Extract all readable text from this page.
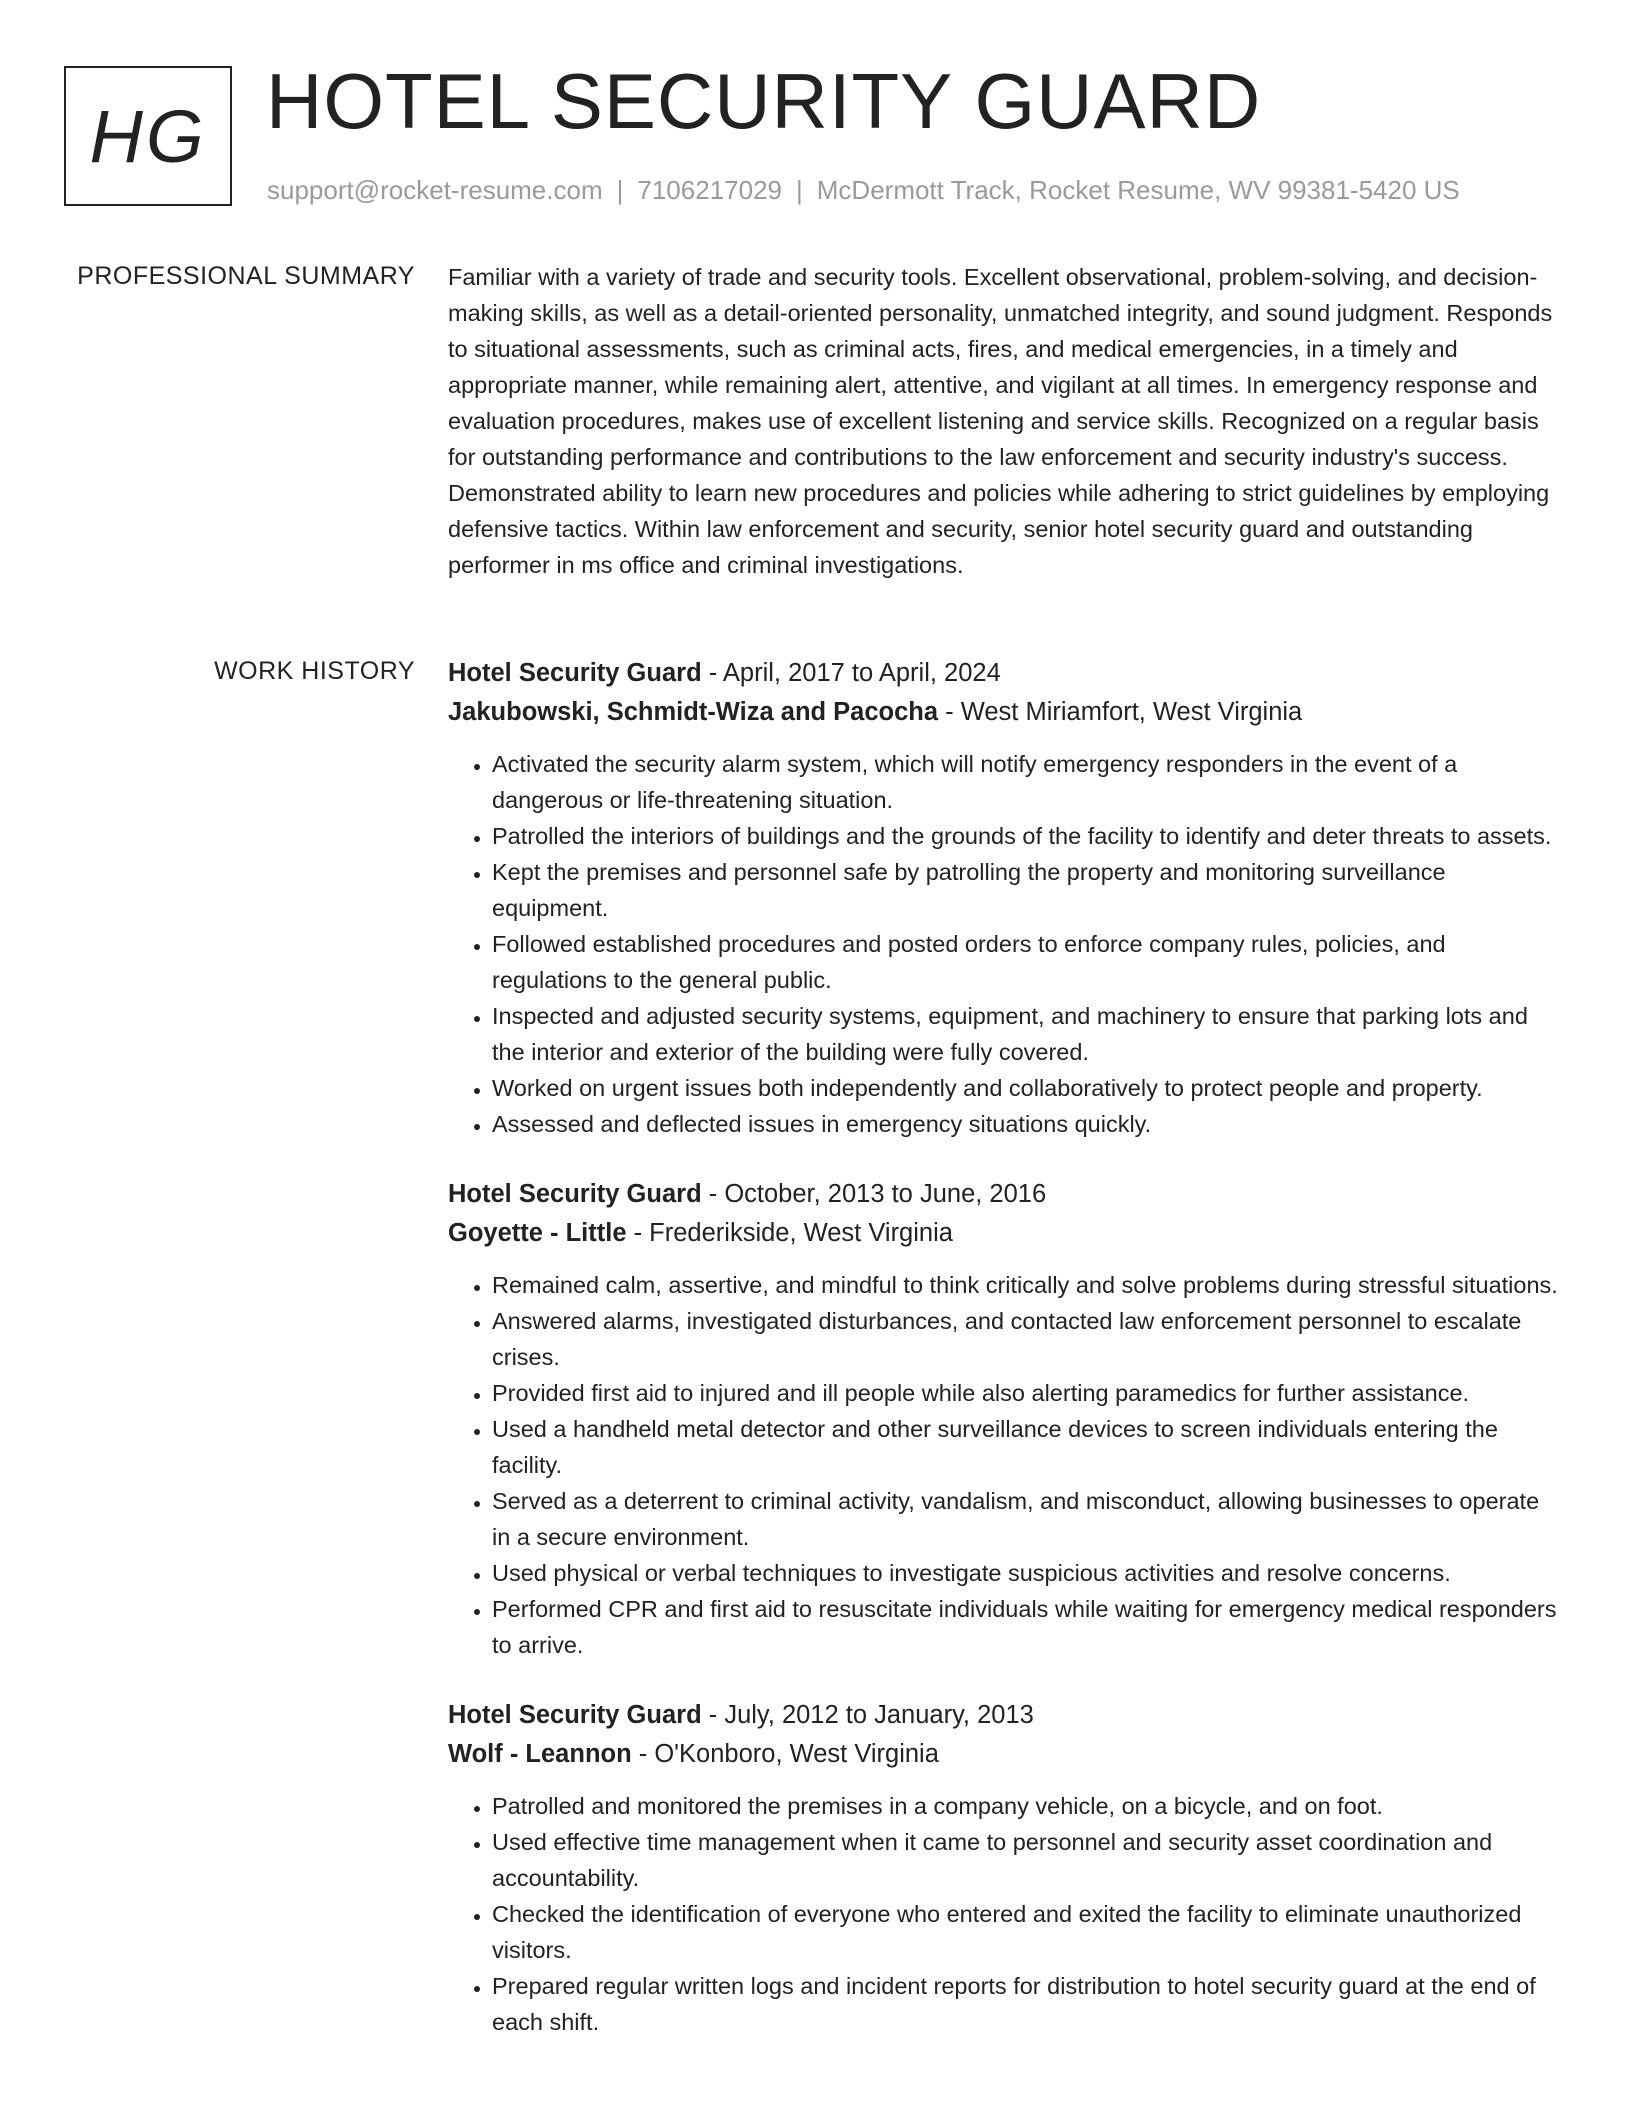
HG HOTEL SECURITY GUARD
support@rocket-resume.com | 7106217029 | McDermott Track, Rocket Resume, WV 99381-5420 US
PROFESSIONAL SUMMARY Familiar with a variety of trade and security tools. Excellent observational, problem-solving, and decision-making skills, as well as a detail-oriented personality, unmatched integrity, and sound judgment. Responds to situational assessments, such as criminal acts, fires, and medical emergencies, in a timely and appropriate manner, while remaining alert, attentive, and vigilant at all times. In emergency response and evaluation procedures, makes use of excellent listening and service skills. Recognized on a regular basis for outstanding performance and contributions to the law enforcement and security industry's success. Demonstrated ability to learn new procedures and policies while adhering to strict guidelines by employing defensive tactics. Within law enforcement and security, senior hotel security guard and outstanding performer in ms office and criminal investigations.

WORK HISTORY Hotel Security Guard - April, 2017 to April, 2024
Jakubowski, Schmidt-Wiza and Pacocha - West Miriamfort, West Virginia
• Activated the security alarm system, which will notify emergency responders in the event of a dangerous or life-threatening situation.
• Patrolled the interiors of buildings and the grounds of the facility to identify and deter threats to assets.
• Kept the premises and personnel safe by patrolling the property and monitoring surveillance equipment.
• Followed established procedures and posted orders to enforce company rules, policies, and regulations to the general public.
• Inspected and adjusted security systems, equipment, and machinery to ensure that parking lots and the interior and exterior of the building were fully covered.
• Worked on urgent issues both independently and collaboratively to protect people and property.
• Assessed and deflected issues in emergency situations quickly.
Hotel Security Guard - October, 2013 to June, 2016
Goyette - Little - Frederikside, West Virginia
• Remained calm, assertive, and mindful to think critically and solve problems during stressful situations.
• Answered alarms, investigated disturbances, and contacted law enforcement personnel to escalate crises.
• Provided first aid to injured and ill people while also alerting paramedics for further assistance.
• Used a handheld metal detector and other surveillance devices to screen individuals entering the facility.
• Served as a deterrent to criminal activity, vandalism, and misconduct, allowing businesses to operate in a secure environment.
• Used physical or verbal techniques to investigate suspicious activities and resolve concerns.
• Performed CPR and first aid to resuscitate individuals while waiting for emergency medical responders to arrive.
Hotel Security Guard - July, 2012 to January, 2013
Wolf - Leannon - O'Konboro, West Virginia
• Patrolled and monitored the premises in a company vehicle, on a bicycle, and on foot.
• Used effective time management when it came to personnel and security asset coordination and accountability.
• Checked the identification of everyone who entered and exited the facility to eliminate unauthorized visitors.
• Prepared regular written logs and incident reports for distribution to hotel security guard at the end of each shift.
